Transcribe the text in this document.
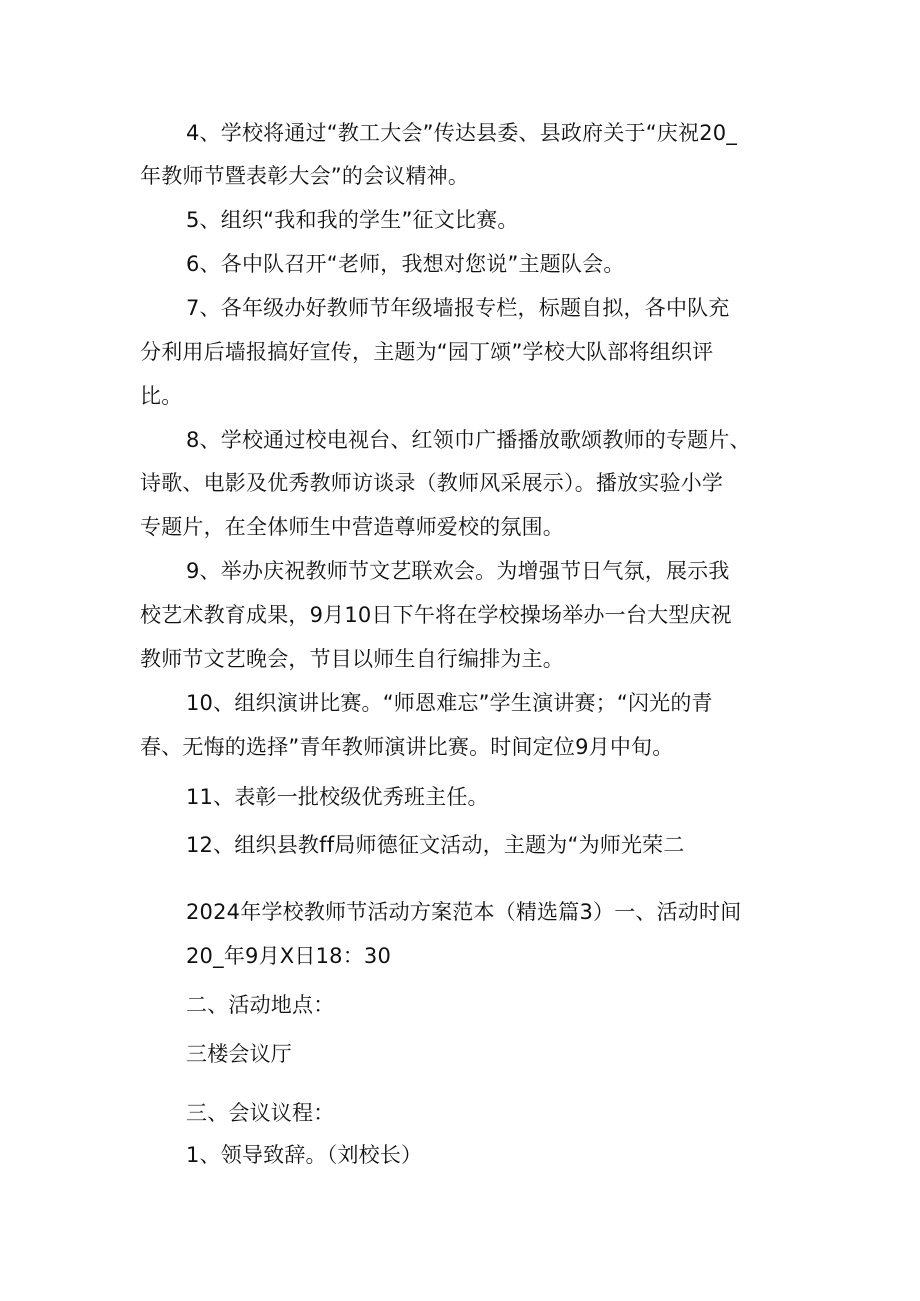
4、学校将通过“教工大会”传达县委、县政府关于“庆祝20_
年教师节暨表彰大会”的会议精神。
5、组织“我和我的学生”征文比赛。
6、各中队召开“老师，我想对您说”主题队会。
7、各年级办好教师节年级墙报专栏，标题自拟，各中队充
分利用后墙报搞好宣传，主题为“园丁颂”学校大队部将组织评
比。
8、学校通过校电视台、红领巾广播播放歌颂教师的专题片、
诗歌、电影及优秀教师访谈录（教师风采展示）。播放实验小学
专题片，在全体师生中营造尊师爱校的氛围。
9、举办庆祝教师节文艺联欢会。为增强节日气氛，展示我
校艺术教育成果，9月10日下午将在学校操场举办一台大型庆祝
教师节文艺晚会，节目以师生自行编排为主。
10、组织演讲比赛。“师恩难忘”学生演讲赛；“闪光的青
春、无悔的选择”青年教师演讲比赛。时间定位9月中旬。
11、表彰一批校级优秀班主任。
12、组织县教ff局师德征文活动，主题为“为师光荣二
2024年学校教师节活动方案范本（精选篇3）一、活动时间
20_年9月X日18：30
二、活动地点：
三楼会议厅
三、会议议程：
1、领导致辞。（刘校长）
